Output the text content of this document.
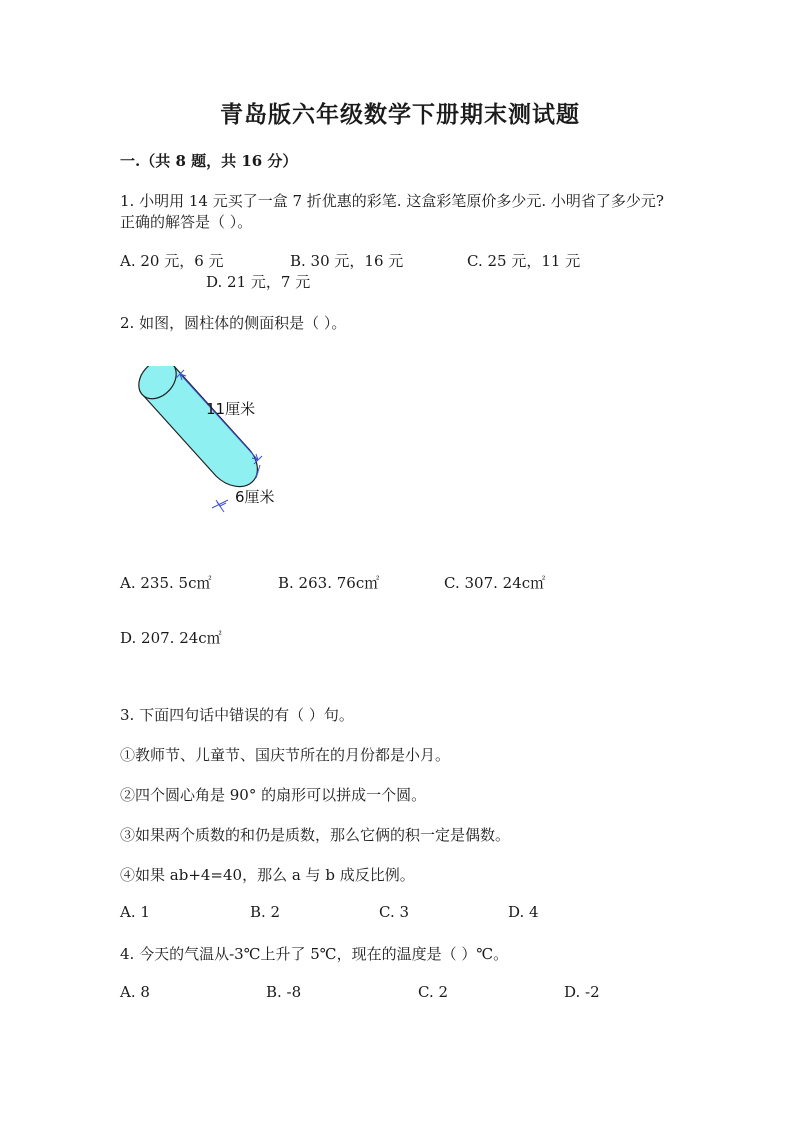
青岛版六年级数学下册期末测试题
一.（共 8 题，共 16 分）
1. 小明用 14 元买了一盒 7 折优惠的彩笔. 这盒彩笔原价多少元. 小明省了多少元?
正确的解答是（ ）。
A. 20 元，6 元	B. 30 元，16 元	C. 25 元，11 元
D. 21 元，7 元
2. 如图，圆柱体的侧面积是（ ）。
11厘米
6厘米
A. 235. 5c㎡	B. 263. 76c㎡	C. 307. 24c㎡
D. 207. 24c㎡
3. 下面四句话中错误的有（ ）句。
①教师节、儿童节、国庆节所在的月份都是小月。
②四个圆心角是 90° 的扇形可以拼成一个圆。
③如果两个质数的和仍是质数，那么它俩的积一定是偶数。
④如果 ab+4=40，那么 a 与 b 成反比例。
A. 1	B. 2	C. 3	D. 4
4. 今天的气温从-3℃上升了 5℃，现在的温度是（ ）℃。
A. 8	B. -8	C. 2	D. -2
